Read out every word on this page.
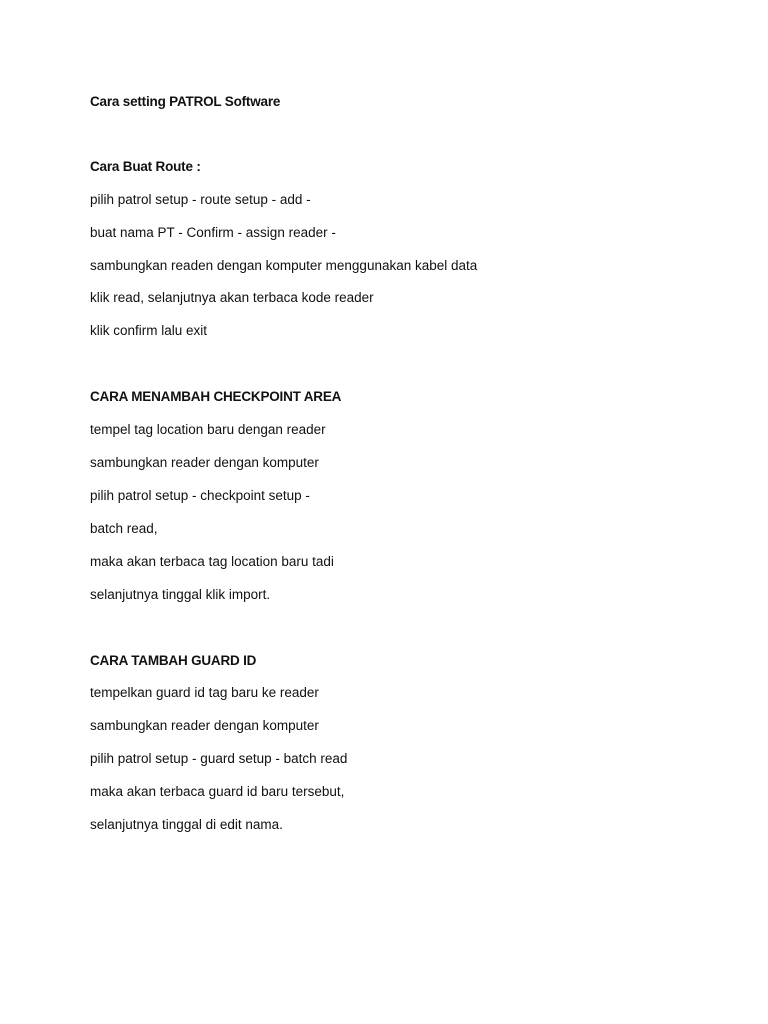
Cara setting PATROL Software
Cara Buat Route :
pilih patrol setup - route setup - add -
buat nama PT - Confirm - assign reader -
sambungkan readen dengan komputer menggunakan kabel data
klik read, selanjutnya akan terbaca kode reader
klik confirm lalu exit
CARA MENAMBAH CHECKPOINT AREA
tempel tag location baru dengan reader
sambungkan reader dengan komputer
pilih patrol setup - checkpoint setup -
batch read,
maka akan terbaca tag location baru tadi
selanjutnya tinggal klik import.
CARA TAMBAH GUARD ID
tempelkan guard id tag baru ke reader
sambungkan reader dengan komputer
pilih patrol setup - guard setup - batch read
maka akan terbaca guard id baru tersebut,
selanjutnya tinggal di edit nama.
